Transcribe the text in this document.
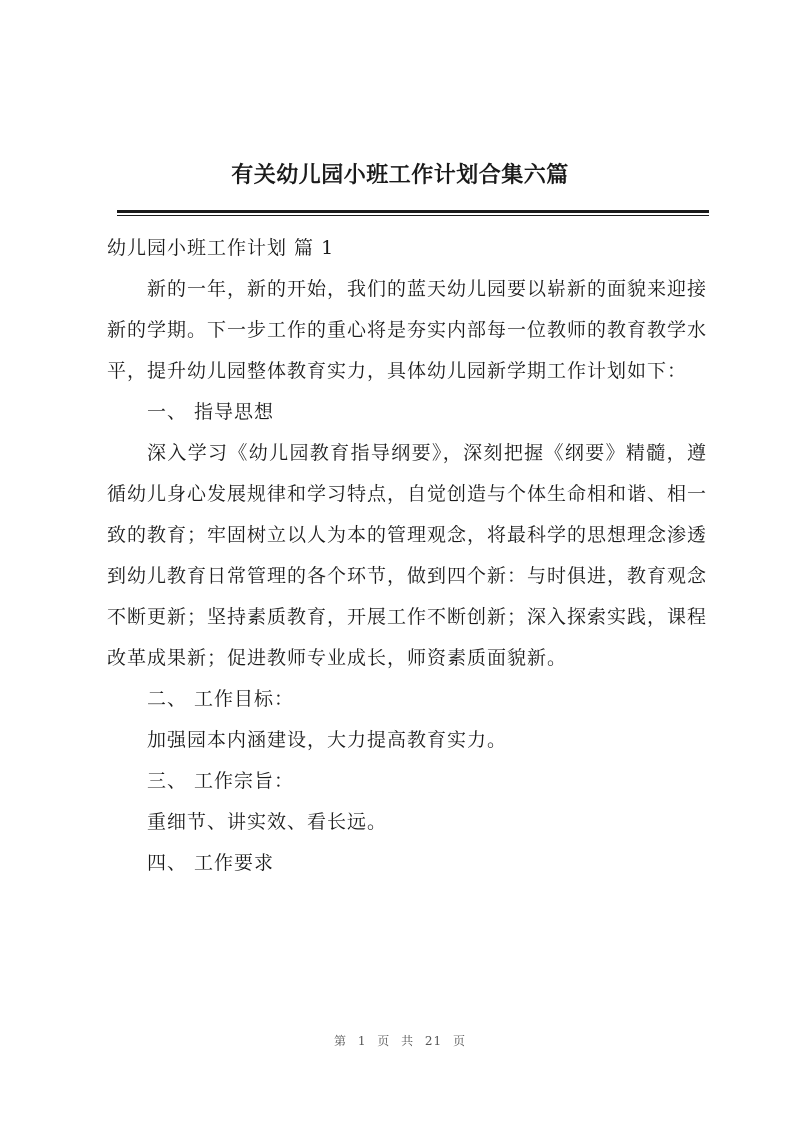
有关幼儿园小班工作计划合集六篇

幼儿园小班工作计划 篇 1

新的一年，新的开始，我们的蓝天幼儿园要以崭新的面貌来迎接新的学期。下一步工作的重心将是夯实内部每一位教师的教育教学水平，提升幼儿园整体教育实力，具体幼儿园新学期工作计划如下：

一、 指导思想

深入学习《幼儿园教育指导纲要》，深刻把握《纲要》精髓，遵循幼儿身心发展规律和学习特点，自觉创造与个体生命相和谐、相一致的教育；牢固树立以人为本的管理观念，将最科学的思想理念渗透到幼儿教育日常管理的各个环节，做到四个新：与时俱进，教育观念不断更新；坚持素质教育，开展工作不断创新；深入探索实践，课程改革成果新；促进教师专业成长，师资素质面貌新。

二、 工作目标：

加强园本内涵建设，大力提高教育实力。

三、 工作宗旨：

重细节、讲实效、看长远。

四、 工作要求

第 1 页 共 21 页
